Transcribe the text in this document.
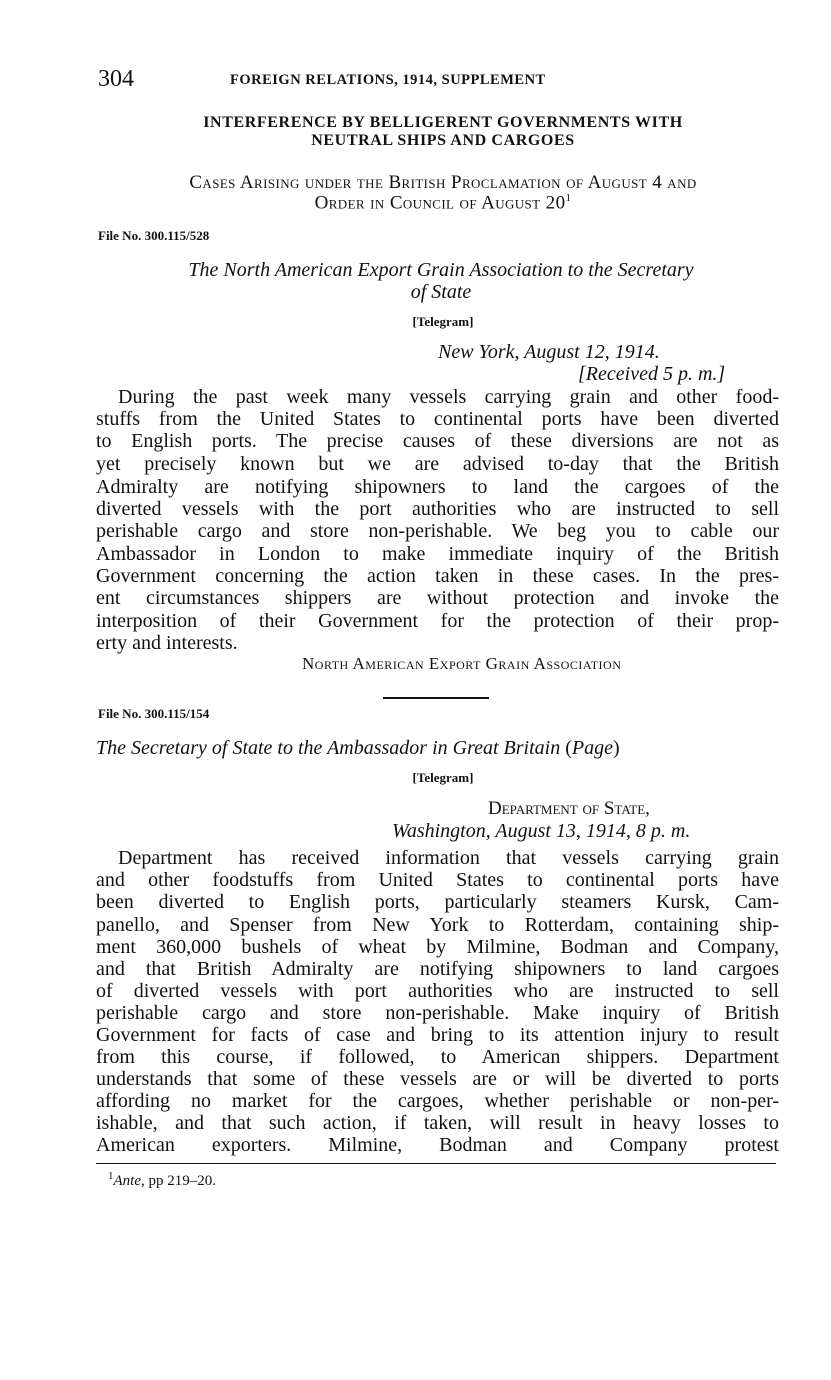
304	FOREIGN RELATIONS, 1914, SUPPLEMENT
INTERFERENCE BY BELLIGERENT GOVERNMENTS WITH
NEUTRAL SHIPS AND CARGOES
Cases Arising under the British Proclamation of August 4 and
Order in Council of August $20^1$
File No. 300.115/528
The North American Export Grain Association to the Secretary
of State
[Telegram]
New York, August 12, 1914.
[Received 5 p. m.]
During the past week many vessels carrying grain and other food-
stuffs from the United States to continental ports have been diverted
to English ports. The precise causes of these diversions are not as
yet precisely known but we are advised to-day that the British
Admiralty are notifying shipowners to land the cargoes of the
diverted vessels with the port authorities who are instructed to sell
perishable cargo and store non-perishable. We beg you to cable our
Ambassador in London to make immediate inquiry of the British
Government concerning the action taken in these cases. In the pres-
ent circumstances shippers are without protection and invoke the
interposition of their Government for the protection of their prop-
erty and interests.
North American Export Grain Association
File No. 300.115/154
The Secretary of State to the Ambassador in Great Britain (Page)
[Telegram]
Department of State,
Washington, August 13, 1914, 8 p. m.
Department has received information that vessels carrying grain
and other foodstuffs from United States to continental ports have
been diverted to English ports, particularly steamers Kursk, Cam-
panello, and Spenser from New York to Rotterdam, containing ship-
ment 360,000 bushels of wheat by Milmine, Bodman and Company,
and that British Admiralty are notifying shipowners to land cargoes
of diverted vessels with port authorities who are instructed to sell
perishable cargo and store non-perishable. Make inquiry of British
Government for facts of case and bring to its attention injury to result
from this course, if followed, to American shippers. Department
understands that some of these vessels are or will be diverted to ports
affording no market for the cargoes, whether perishable or non-per-
ishable, and that such action, if taken, will result in heavy losses to
American exporters. Milmine, Bodman and Company protest
$^1$Ante, pp 219–20.
